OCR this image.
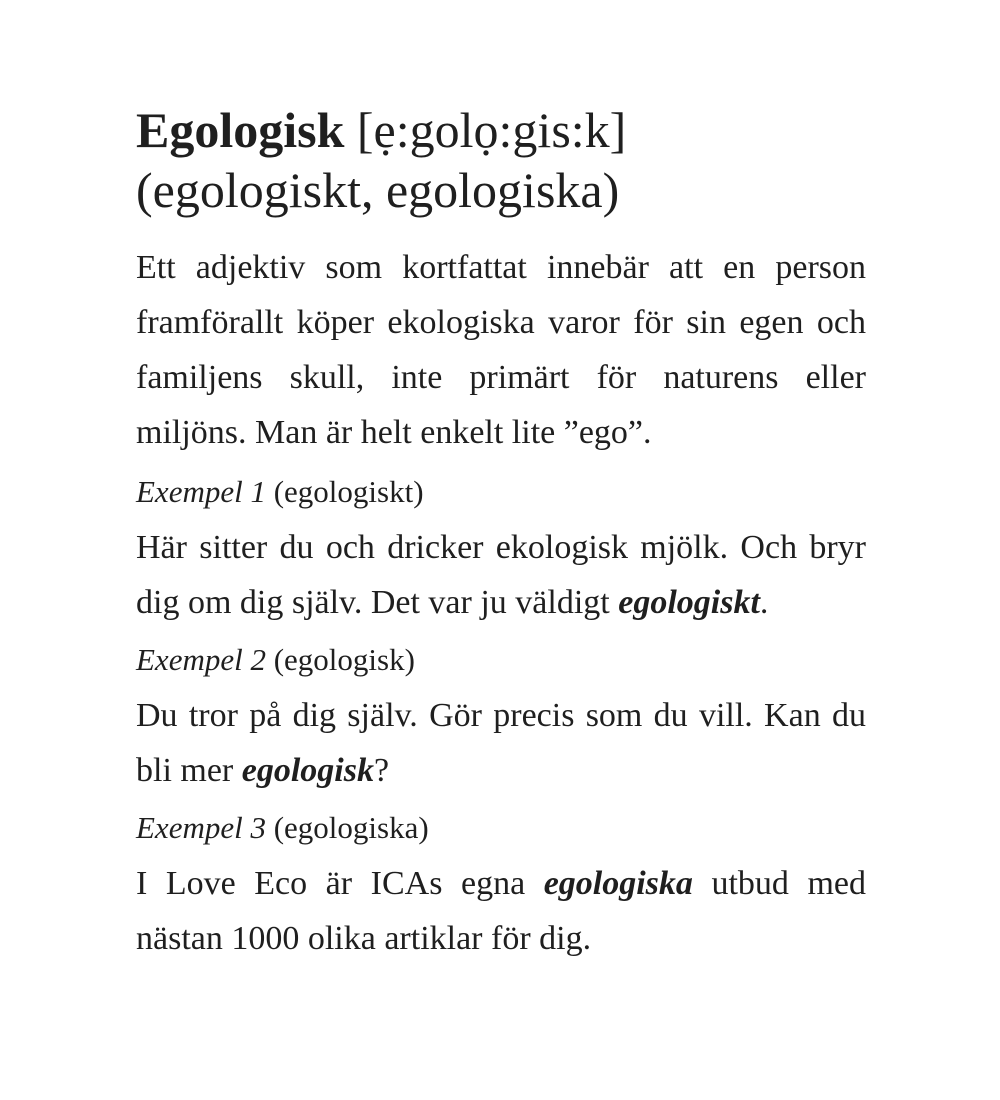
Egologisk [ẹ:golọ:gis:k]
(egologiskt, egologiska)

Ett adjektiv som kortfattat innebär att en person framförallt köper ekologiska varor för sin egen och familjens skull, inte primärt för naturens eller miljöns. Man är helt enkelt lite ”ego”.

Exempel 1 (egologiskt)

Här sitter du och dricker ekologisk mjölk. Och bryr dig om dig själv. Det var ju väldigt egologiskt.

Exempel 2 (egologisk)

Du tror på dig själv. Gör precis som du vill. Kan du bli mer egologisk?

Exempel 3 (egologiska)

I Love Eco är ICAs egna egologiska utbud med nästan 1000 olika artiklar för dig.
